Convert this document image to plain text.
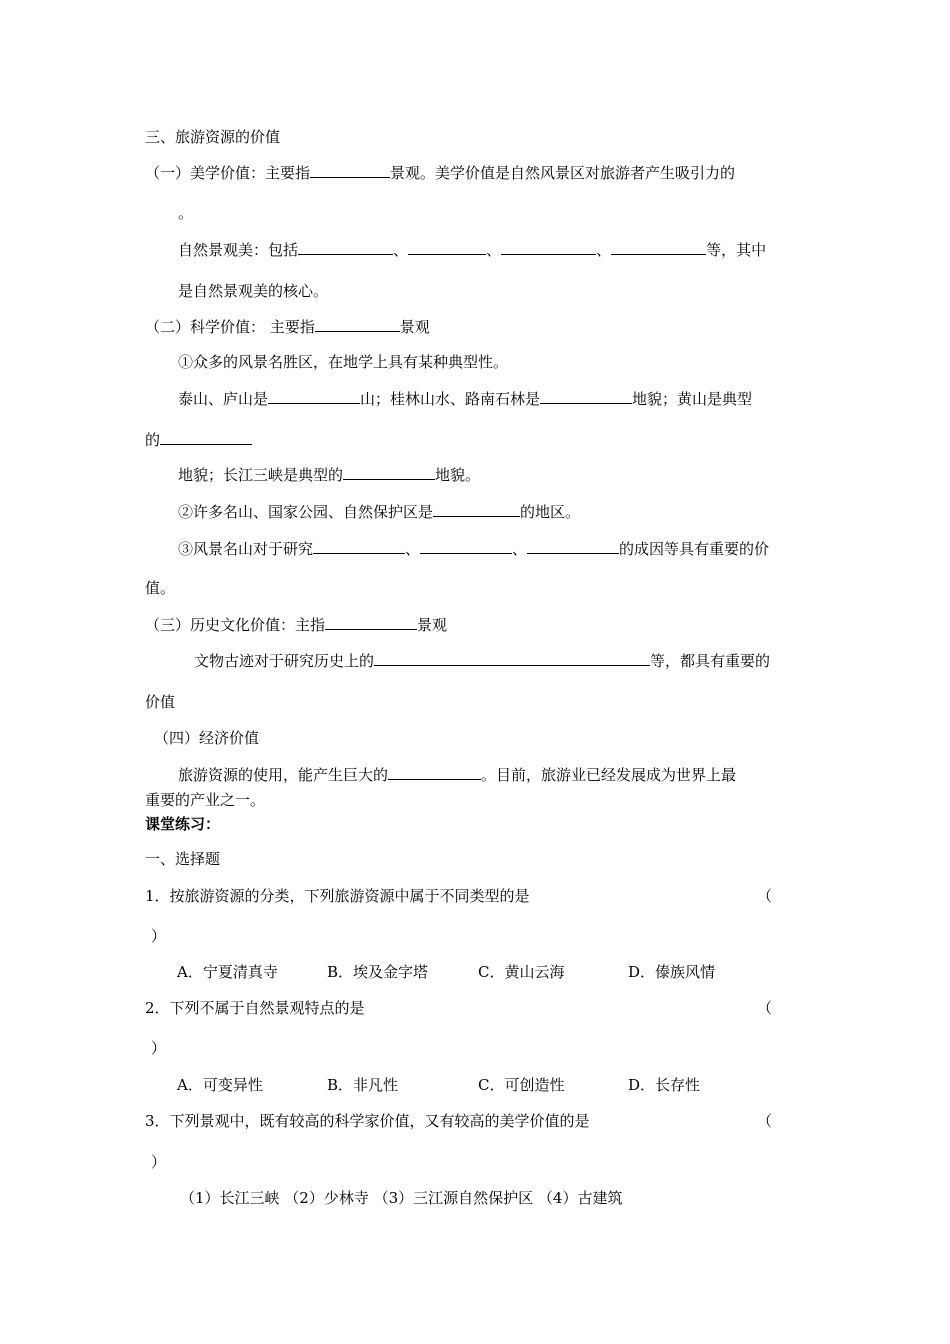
三、旅游资源的价值
（一）美学价值：主要指	景观。美学价值是自然风景区对旅游者产生吸引力的
。
自然景观美：包括	、	、	、	等，其中
是自然景观美的核心。
（二）科学价值： 主要指	景观
①众多的风景名胜区，在地学上具有某种典型性。
泰山、庐山是	山；桂林山水、路南石林是	地貌；黄山是典型
的
地貌；长江三峡是典型的	地貌。
②许多名山、国家公园、自然保护区是	的地区。
③风景名山对于研究	、	、	的成因等具有重要的价
值。
（三）历史文化价值：主指	景观
文物古迹对于研究历史上的	等，都具有重要的
价值
（四）经济价值
旅游资源的使用，能产生巨大的	。目前，旅游业已经发展成为世界上最
重要的产业之一。
课堂练习：
一、选择题
1．按旅游资源的分类，下列旅游资源中属于不同类型的是	（
）
A．宁夏清真寺	B．埃及金字塔	C．黄山云海	D．傣族风情
2．下列不属于自然景观特点的是	（
）
A．可变异性	B．非凡性	C．可创造性	D．长存性
3．下列景观中，既有较高的科学家价值，又有较高的美学价值的是	（
）
（1）长江三峡 （2）少林寺 （3）三江源自然保护区 （4）古建筑
